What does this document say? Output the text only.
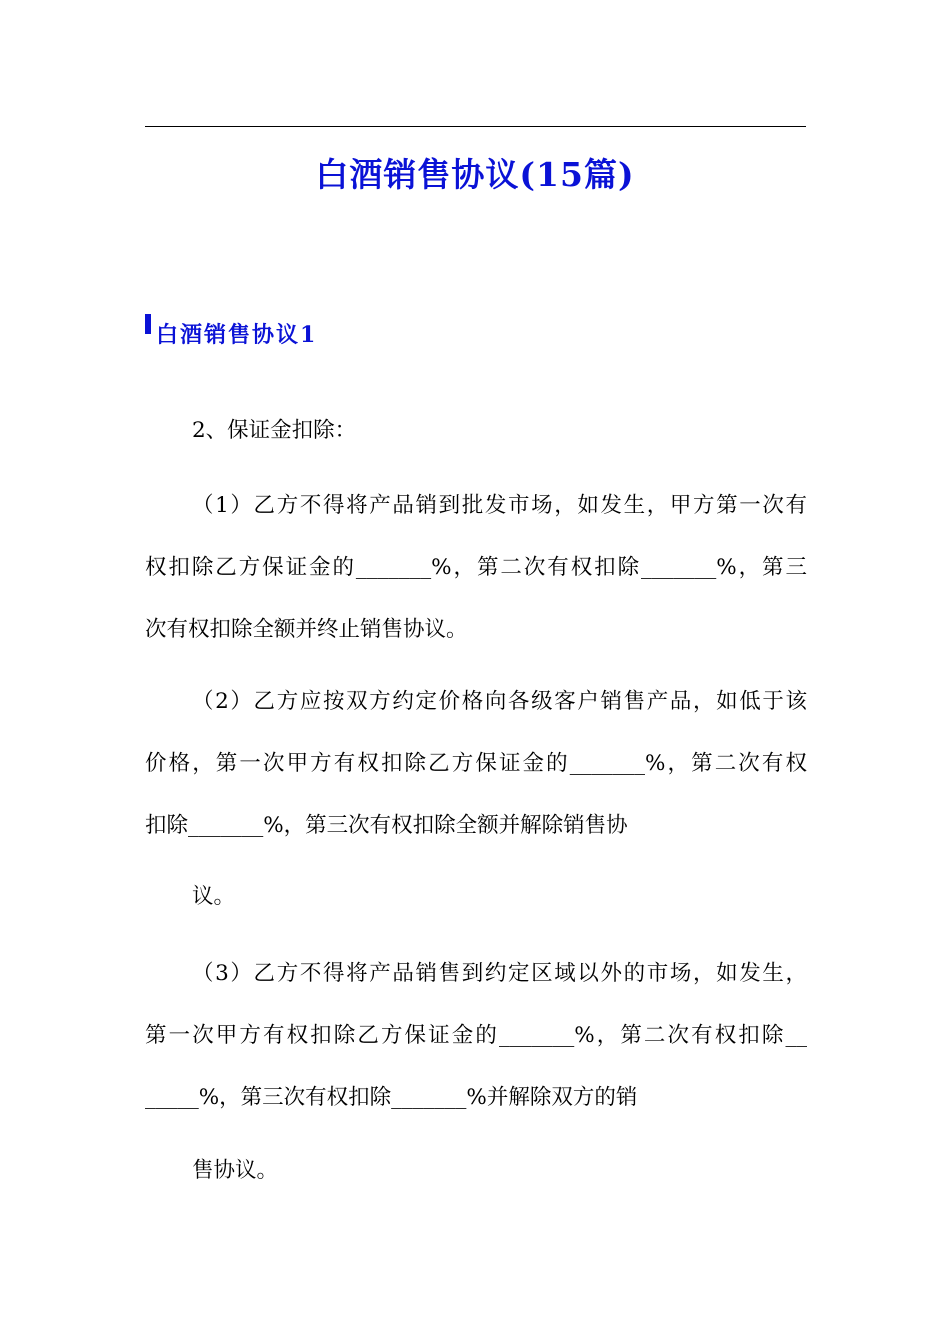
白酒销售协议(15篇)
白酒销售协议1
2、保证金扣除：
（1）乙方不得将产品销到批发市场，如发生，甲方第一次有
权扣除乙方保证金的_______%，第二次有权扣除_______%，第三
次有权扣除全额并终止销售协议。
（2）乙方应按双方约定价格向各级客户销售产品，如低于该
价格，第一次甲方有权扣除乙方保证金的_______%，第二次有权
扣除_______%，第三次有权扣除全额并解除销售协
议。
（3）乙方不得将产品销售到约定区域以外的市场，如发生，
第一次甲方有权扣除乙方保证金的_______%，第二次有权扣除__
_____%，第三次有权扣除_______%并解除双方的销
售协议。
